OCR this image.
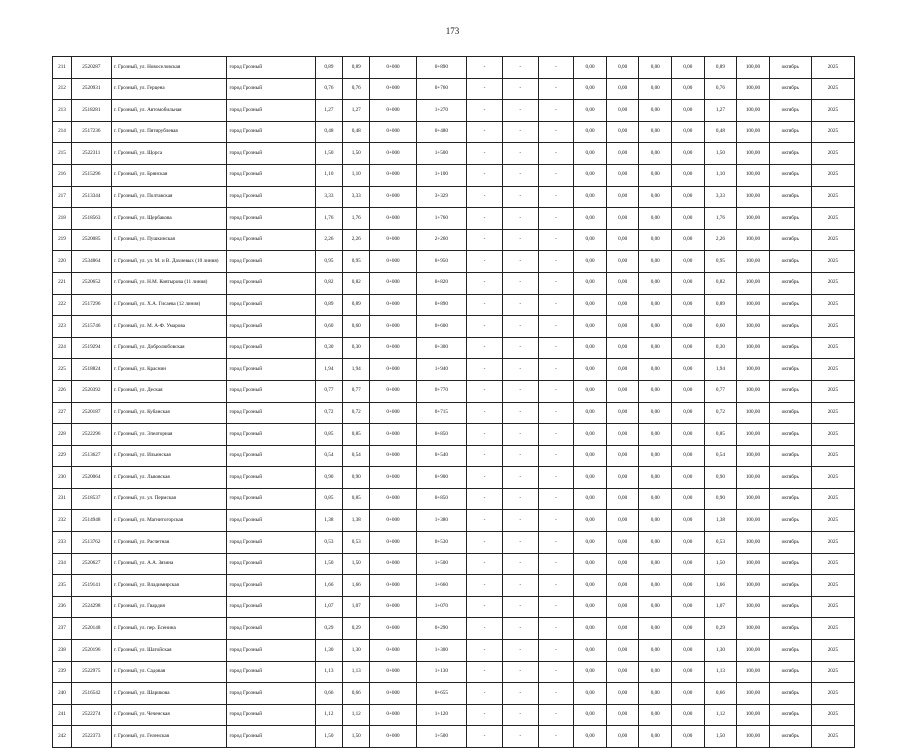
173
211	2520287	г. Грозный, ул. Новоселовская	город Грозный	0,89	0,89	0+000	0+890	-	-	-	0,00	0,00	0,00	0,00	0,89	100,00	октябрь	2025
212	2520931	г. Грозный, ул. Герцена	город Грозный	0,76	0,76	0+000	0+760	-	-	-	0,00	0,00	0,00	0,00	0,76	100,00	октябрь	2025
213	2518281	г. Грозный, ул. Автомобильная	город Грозный	1,27	1,27	0+000	1+270	-	-	-	0,00	0,00	0,00	0,00	1,27	100,00	октябрь	2025
214	2517236	г. Грозный, ул. Пятирублевая	город Грозный	0,48	0,48	0+000	0+480	-	-	-	0,00	0,00	0,00	0,00	0,48	100,00	октябрь	2025
215	2522311	г. Грозный, ул. Щорса	город Грозный	1,50	1,50	0+000	1+500	-	-	-	0,00	0,00	0,00	0,00	1,50	100,00	октябрь	2025
216	2515296	г. Грозный, ул. Брянская	город Грозный	1,10	1,10	0+000	1+100	-	-	-	0,00	0,00	0,00	0,00	1,10	100,00	октябрь	2025
217	2513344	г. Грозный, ул. Полтавская	город Грозный	3,33	3,33	0+000	3+329	-	-	-	0,00	0,00	0,00	0,00	3,33	100,00	октябрь	2025
218	2518563	г. Грозный, ул. Щербакова	город Грозный	1,76	1,76	0+000	1+760	-	-	-	0,00	0,00	0,00	0,00	1,76	100,00	октябрь	2025
219	2520085	г. Грозный, ул. Пушкинская	город Грозный	2,26	2,26	0+000	2+260	-	-	-	0,00	0,00	0,00	0,00	2,26	100,00	октябрь	2025
220	2534864	г. Грозный, ул. ул. М. и В. Дахиевых (10 линия)	город Грозный	0,95	0,95	0+000	0+950	-	-	-	0,00	0,00	0,00	0,00	0,95	100,00	октябрь	2025
221	2520652	г. Грозный, ул. Н.М. Ковтырова (11 линия)	город Грозный	0,82	0,82	0+000	0+820	-	-	-	0,00	0,00	0,00	0,00	0,82	100,00	октябрь	2025
222	2517296	г. Грозный, ул. Х.А. Гисаева (12 линия)	город Грозный	0,89	0,89	0+000	0+890	-	-	-	0,00	0,00	0,00	0,00	0,89	100,00	октябрь	2025
223	2515746	г. Грозный, ул. М. А-Ф. Умарова	город Грозный	0,60	0,60	0+000	0+600	-	-	-	0,00	0,00	0,00	0,00	0,60	100,00	октябрь	2025
224	2519294	г. Грозный, ул. Добролюбовская	город Грозный	0,30	0,30	0+000	0+300	-	-	-	0,00	0,00	0,00	0,00	0,30	100,00	октябрь	2025
225	2518824	г. Грозный, ул. Краснин	город Грозный	1,94	1,94	0+000	1+940	-	-	-	0,00	0,00	0,00	0,00	1,94	100,00	октябрь	2025
226	2520392	г. Грозный, ул. Деская	город Грозный	0,77	0,77	0+000	0+770	-	-	-	0,00	0,00	0,00	0,00	0,77	100,00	октябрь	2025
227	2520187	г. Грозный, ул. Кубанская	город Грозный	0,72	0,72	0+000	0+715	-	-	-	0,00	0,00	0,00	0,00	0,72	100,00	октябрь	2025
228	2522296	г. Грозный, ул. Элеаторная	город Грозный	0,85	0,85	0+000	0+850	-	-	-	0,00	0,00	0,00	0,00	0,85	100,00	октябрь	2025
229	2513627	г. Грозный, ул. Ильинская	город Грозный	0,54	0,54	0+000	0+540	-	-	-	0,00	0,00	0,00	0,00	0,54	100,00	октябрь	2025
230	2520064	г. Грозный, ул. Львовская	город Грозный	0,90	0,90	0+000	0+900	-	-	-	0,00	0,00	0,00	0,00	0,90	100,00	октябрь	2025
231	2518537	г. Грозный, ул. ул. Пермская	город Грозный	0,85	0,85	0+000	0+850	-	-	-	0,00	0,00	0,00	0,00	0,90	100,00	октябрь	2025
232	2514948	г. Грозный, ул. Магнитогорская	город Грозный	1,38	1,38	0+000	1+380	-	-	-	0,00	0,00	0,00	0,00	1,38	100,00	октябрь	2025
233	2513762	г. Грозный, ул. Расчетная	город Грозный	0,53	0,53	0+000	0+530	-	-	-	0,00	0,00	0,00	0,00	0,53	100,00	октябрь	2025
234	2520627	г. Грозный, ул. А.А. Зязина	город Грозный	1,50	1,50	0+000	1+500	-	-	-	0,00	0,00	0,00	0,00	1,50	100,00	октябрь	2025
235	2519141	г. Грозный, ул. Владимирская	город Грозный	1,66	1,66	0+000	1+660	-	-	-	0,00	0,00	0,00	0,00	1,66	100,00	октябрь	2025
236	2524298	г. Грозный, ул. Гвардия	город Грозный	1,07	1,07	0+000	1+070	-	-	-	0,00	0,00	0,00	0,00	1,07	100,00	октябрь	2025
237	2520148	г. Грозный, ул. пер. Есенина	город Грозный	0,29	0,29	0+000	0+290	-	-	-	0,00	0,00	0,00	0,00	0,29	100,00	октябрь	2025
238	2520196	г. Грозный, ул. Шатойская	город Грозный	1,30	1,30	0+000	1+300	-	-	-	0,00	0,00	0,00	0,00	1,30	100,00	октябрь	2025
239	2522975	г. Грозный, ул. Садовая	город Грозный	1,13	1,13	0+000	1+130	-	-	-	0,00	0,00	0,00	0,00	1,13	100,00	октябрь	2025
240	2516542	г. Грозный, ул. Шарикова	город Грозный	0,66	0,66	0+000	0+655	-	-	-	0,00	0,00	0,00	0,00	0,66	100,00	октябрь	2025
241	2522274	г. Грозный, ул. Чеченская	город Грозный	1,12	1,12	0+000	1+120	-	-	-	0,00	0,00	0,00	0,00	1,12	100,00	октябрь	2025
242	2522373	г. Грозный, ул. Геленская	город Грозный	1,50	1,50	0+000	1+500	-	-	-	0,00	0,00	0,00	0,00	1,50	100,00	октябрь	2025
